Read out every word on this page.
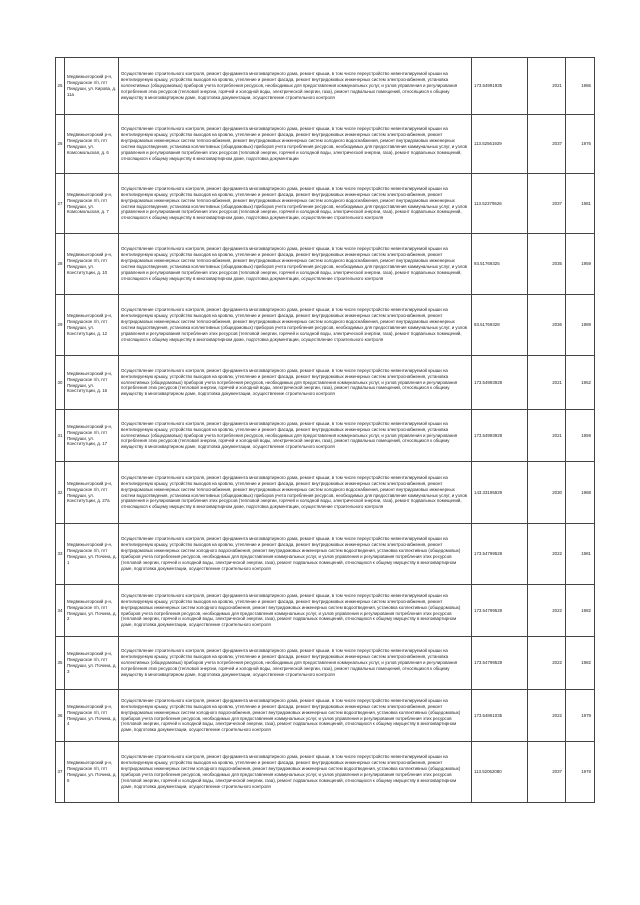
25	Медвежьегорский р-н, Пиндушское г/п, пгт Пиндуши, ул. Кирова, д. 11а	Осуществление строительного контроля, ремонт фундамента многоквартирного дома, ремонт крыши, в том числе переустройство невентилируемой крыши на вентилируемую крышу, устройство выходов на кровлю, утепление и ремонт фасада, ремонт внутридомовых инженерных систем электроснабжения, установка коллективных (общедомовых) приборов учета потребления ресурсов, необходимых для предоставления коммунальных услуг, и узлов управления и регулирования потребления этих ресурсов (тепловой энергии, горячей и холодной воды, электрической энергии, газа), ремонт подвальных помещений, относящихся к общему имуществу в многоквартирном доме, подготовка документации, осуществление строительного контроля	173.54991935	2021	1986
26	Медвежьегорский р-н, Пиндушское г/п, пгт Пиндуши, ул. Комсомольская, д. 6	Осуществление строительного контроля, ремонт фундамента многоквартирного дома, ремонт крыши, в том числе переустройство невентилируемой крыши на вентилируемую крышу, устройство выходов на кровлю, утепление и ремонт фасада, ремонт внутридомовых инженерных систем электроснабжения, ремонт внутридомовых инженерных систем теплоснабжения, ремонт внутридомовых инженерных систем холодного водоснабжения, ремонт внутридомовых инженерных систем водоотведения, установка коллективных (общедомовых) приборов учета потребления ресурсов, необходимых для предоставления коммунальных услуг, и узлов управления и регулирования потребления этих ресурсов (тепловой энергии, горячей и холодной воды, электрической энергии, газа), ремонт подвальных помещений, относящихся к общему имуществу в многоквартирном доме, подготовка документации	113.52561929	2037	1976
27	Медвежьегорский р-н, Пиндушское г/п, пгт Пиндуши, ул. Комсомольская, д. 7	Осуществление строительного контроля, ремонт фундамента многоквартирного дома, ремонт крыши, в том числе переустройство невентилируемой крыши на вентилируемую крышу, устройство выходов на кровлю, утепление и ремонт фасада, ремонт внутридомовых инженерных систем электроснабжения, ремонт внутридомовых инженерных систем теплоснабжения, ремонт внутридомовых инженерных систем холодного водоснабжения, ремонт внутридомовых инженерных систем водоотведения, установка коллективных (общедомовых) приборов учета потребления ресурсов, необходимых для предоставления коммунальных услуг, и узлов управления и регулирования потребления этих ресурсов (тепловой энергии, горячей и холодной воды, электрической энергии, газа), ремонт подвальных помещений, относящихся к общему имуществу в многоквартирном доме, подготовка документации, осуществление строительного контроля	113.52379526	2037	1981
28	Медвежьегорский р-н, Пиндушское г/п, пгт Пиндуши, ул. Конститутции, д. 10	Осуществление строительного контроля, ремонт фундамента многоквартирного дома, ремонт крыши, в том числе переустройство невентилируемой крыши на вентилируемую крышу, устройство выходов на кровлю, утепление и ремонт фасада, ремонт внутридомовых инженерных систем электроснабжения, ремонт внутридомовых инженерных систем теплоснабжения, ремонт внутридомовых инженерных систем холодного водоснабжения, ремонт внутридомовых инженерных систем водоотведения, установка коллективных (общедомовых) приборов учета потребления ресурсов, необходимых для предоставления коммунальных услуг, и узлов управления и регулирования потребления этих ресурсов (тепловой энергии, горячей и холодной воды, электрической энергии, газа), ремонт подвальных помещений, относящихся к общему имуществу в многоквартирном доме, подготовка документации, осуществление строительного контроля	93.51769325	2035	1959
29	Медвежьегорский р-н, Пиндушское г/п, пгт Пиндуши, ул. Конститутции, д. 12	Осуществление строительного контроля, ремонт фундамента многоквартирного дома, ремонт крыши, в том числе переустройство невентилируемой крыши на вентилируемую крышу, устройство выходов на кровлю, утепление и ремонт фасада, ремонт внутридомовых инженерных систем электроснабжения, ремонт внутридомовых инженерных систем теплоснабжения, ремонт внутридомовых инженерных систем холодного водоснабжения, ремонт внутридомовых инженерных систем водоотведения, установка коллективных (общедомовых) приборов учета потребления ресурсов, необходимых для предоставления коммунальных услуг, и узлов управления и регулирования потребления этих ресурсов (тепловой энергии, горячей и холодной воды, электрической энергии, газа), ремонт подвальных помещений, относящихся к общему имуществу в многоквартирном доме, подготовка документации, осуществление строительного контроля	93.51769328	2036	1989
30	Медвежьегорский р-н, Пиндушское г/п, пгт Пиндуши, ул. Конститутции, д. 16	Осуществление строительного контроля, ремонт фундамента многоквартирного дома, ремонт крыши, в том числе переустройство невентилируемой крыши на вентилируемую крышу, устройство выходов на кровлю, утепление и ремонт фасада, ремонт внутридомовых инженерных систем электроснабжения, установка коллективных (общедомовых) приборов учета потребления ресурсов, необходимых для предоставления коммунальных услуг, и узлов управления и регулирования потребления этих ресурсов (тепловой энергии, горячей и холодной воды, электрической энергии, газа), ремонт подвальных помещений, относящихся к общему имуществу в многоквартирном доме, подготовка документации, осуществление строительного контроля	173.54993928	2021	1952
31	Медвежьегорский р-н, Пиндушское г/п, пгт Пиндуши, ул. Конститутции, д. 17	Осуществление строительного контроля, ремонт фундамента многоквартирного дома, ремонт крыши, в том числе переустройство невентилируемой крыши на вентилируемую крышу, устройство выходов на кровлю, утепление и ремонт фасада, ремонт внутридомовых инженерных систем электроснабжения, установка коллективных (общедомовых) приборов учета потребления ресурсов, необходимых для предоставления коммунальных услуг, и узлов управления и регулирования потребления этих ресурсов (тепловой энергии, горячей и холодной воды, электрической энергии, газа), ремонт подвальных помещений, относящихся к общему имуществу в многоквартирном доме, подготовка документации, осуществление строительного контроля	173.54993928	2021	1959
32	Медвежьегорский р-н, Пиндушское г/п, пгт Пиндуши, ул. Конститутции, д. 27а	Осуществление строительного контроля, ремонт фундамента многоквартирного дома, ремонт крыши, в том числе переустройство невентилируемой крыши на вентилируемую крышу, устройство выходов на кровлю, утепление и ремонт фасада, ремонт внутридомовых инженерных систем электроснабжения, ремонт внутридомовых инженерных систем теплоснабжения, ремонт внутридомовых инженерных систем холодного водоснабжения, ремонт внутридомовых инженерных систем водоотведения, установка коллективных (общедомовых) приборов учета потребления ресурсов, необходимых для предоставления коммунальных услуг, и узлов управления и регулирования потребления этих ресурсов (тепловой энергии, горячей и холодной воды, электрической энергии, газа), ремонт подвальных помещений, относящихся к общему имуществу в многоквартирном доме, подготовка документации, осуществление строительного контроля	143.33195929	2030	1988
33	Медвежьегорский р-н, Пиндушское г/п, пгт Пиндуши, ул. Почина, д. 1	Осуществление строительного контроля, ремонт фундамента многоквартирного дома, ремонт крыши, в том числе переустройство невентилируемой крыши на вентилируемую крышу, устройство выходов на кровлю, утепление и ремонт фасада, ремонт внутридомовых инженерных систем электроснабжения, ремонт внутридомовых инженерных систем холодного водоснабжения, ремонт внутридомовых инженерных систем водоотведения, установка коллективных (общедомовых) приборов учета потребления ресурсов, необходимых для предоставления коммунальных услуг, и узлов управления и регулирования потребления этих ресурсов (тепловой энергии, горячей и холодной воды, электрической энергии, газа), ремонт подвальных помещений, относящихся к общему имуществу в многоквартирном доме, подготовка документации, осуществление строительного контроля	173.54799528	2022	1981
34	Медвежьегорский р-н, Пиндушское г/п, пгт Пиндуши, ул. Почина, д. 2	Осуществление строительного контроля, ремонт фундамента многоквартирного дома, ремонт крыши, в том числе переустройство невентилируемой крыши на вентилируемую крышу, устройство выходов на кровлю, утепление и ремонт фасада, ремонт внутридомовых инженерных систем электроснабжения, ремонт внутридомовых инженерных систем холодного водоснабжения, ремонт внутридомовых инженерных систем водоотведения, установка коллективных (общедомовых) приборов учета потребления ресурсов, необходимых для предоставления коммунальных услуг, и узлов управления и регулирования потребления этих ресурсов (тепловой энергии, горячей и холодной воды, электрической энергии, газа), ремонт подвальных помещений, относящихся к общему имуществу в многоквартирном доме, подготовка документации, осуществление строительного контроля	173.54799528	2022	1982
35	Медвежьегорский р-н, Пиндушское г/п, пгт Пиндуши, ул. Почина, д. 3	Осуществление строительного контроля, ремонт фундамента многоквартирного дома, ремонт крыши, в том числе переустройство невентилируемой крыши на вентилируемую крышу, устройство выходов на кровлю, утепление и ремонт фасада, ремонт внутридомовых инженерных систем электроснабжения, установка коллективных (общедомовых) приборов учета потребления ресурсов, необходимых для предоставления коммунальных услуг, и узлов управления и регулирования потребления этих ресурсов (тепловой энергии, горячей и холодной воды, электрической энергии, газа), ремонт подвальных помещений, относящихся к общему имуществу в многоквартирном доме, подготовка документации, осуществление строительного контроля	173.54799528	2022	1982
36	Медвежьегорский р-н, Пиндушское г/п, пгт Пиндуши, ул. Почина, д. 4	Осуществление строительного контроля, ремонт фундамента многоквартирного дома, ремонт крыши, в том числе переустройство невентилируемой крыши на вентилируемую крышу, устройство выходов на кровлю, утепление и ремонт фасада, ремонт внутридомовых инженерных систем электроснабжения, ремонт внутридомовых инженерных систем холодного водоснабжения, ремонт внутридомовых инженерных систем водоотведения, установка коллективных (общедомовых) приборов учета потребления ресурсов, необходимых для предоставления коммунальных услуг, и узлов управления и регулирования потребления этих ресурсов (тепловой энергии, горячей и холодной воды, электрической энергии, газа), ремонт подвальных помещений, относящихся к общему имуществу в многоквартирном доме, подготовка документации, осуществление строительного контроля	173.54861035	2022	1979
37	Медвежьегорский р-н, Пиндушское г/п, пгт Пиндуши, ул. Почина, д. 5	Осуществление строительного контроля, ремонт фундамента многоквартирного дома, ремонт крыши, в том числе переустройство невентилируемой крыши на вентилируемую крышу, устройство выходов на кровлю, утепление и ремонт фасада, ремонт внутридомовых инженерных систем электроснабжения, ремонт внутридомовых инженерных систем холодного водоснабжения, ремонт внутридомовых инженерных систем водоотведения, установка коллективных (общедомовых) приборов учета потребления ресурсов, необходимых для предоставления коммунальных услуг, и узлов управления и регулирования потребления этих ресурсов (тепловой энергии, горячей и холодной воды, электрической энергии, газа), ремонт подвальных помещений, относящихся к общему имуществу в многоквартирном доме, подготовка документации, осуществление строительного контроля	113.52062080	2037	1978
